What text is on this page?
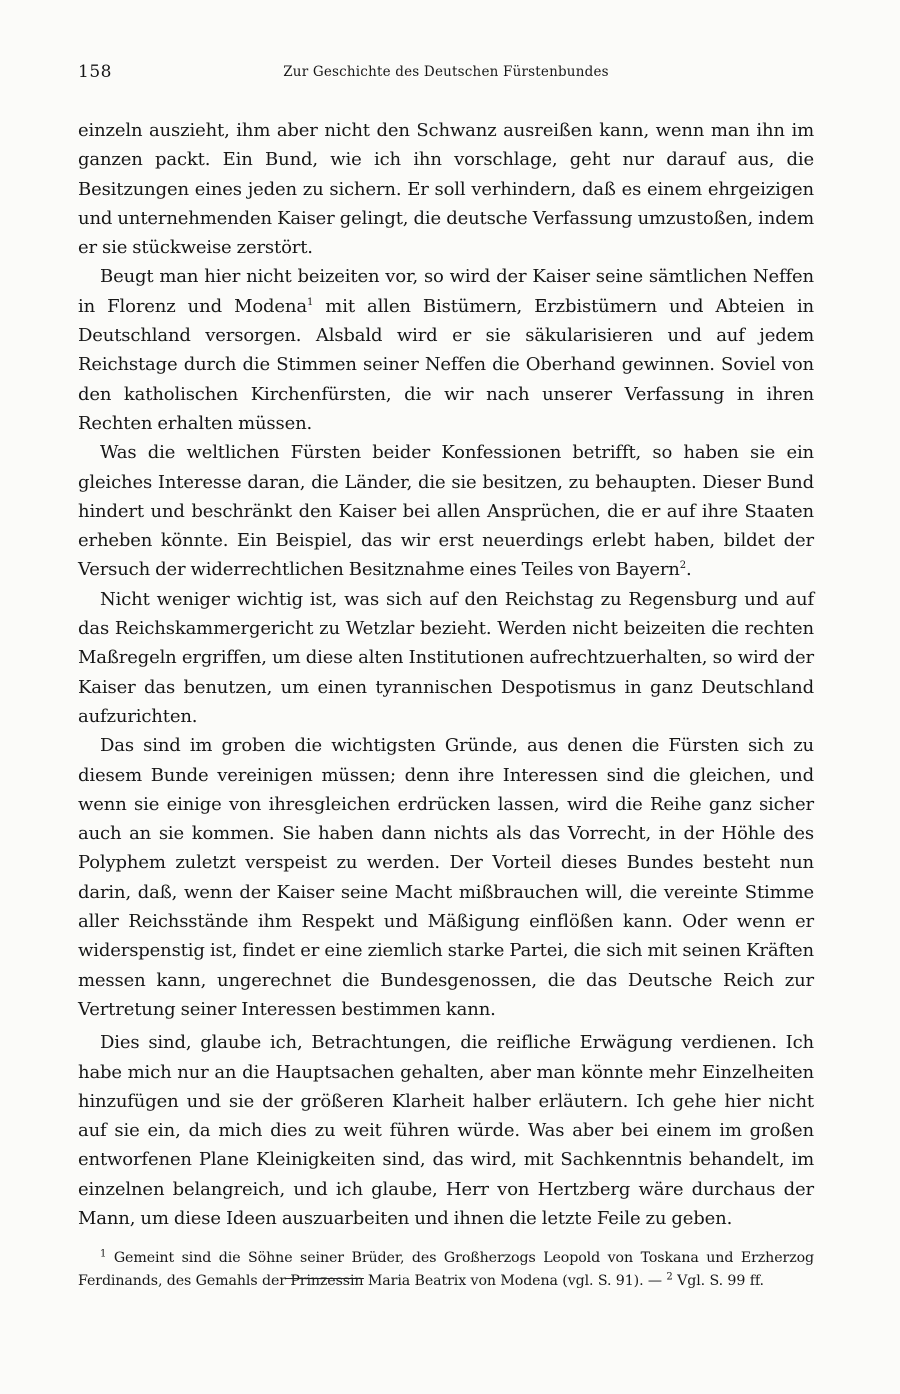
158	Zur Geschichte des Deutschen Fürstenbundes

einzeln auszieht, ihm aber nicht den Schwanz ausreißen kann, wenn man ihn im ganzen packt. Ein Bund, wie ich ihn vorschlage, geht nur darauf aus, die Besitzungen eines jeden zu sichern. Er soll verhindern, daß es einem ehrgeizigen und unternehmenden Kaiser gelingt, die deutsche Verfassung umzustoßen, indem er sie stückweise zerstört.

Beugt man hier nicht beizeiten vor, so wird der Kaiser seine sämtlichen Neffen in Florenz und Modena$^1$ mit allen Bistümern, Erzbistümern und Abteien in Deutschland versorgen. Alsbald wird er sie säkularisieren und auf jedem Reichstage durch die Stimmen seiner Neffen die Oberhand gewinnen. Soviel von den katholischen Kirchenfürsten, die wir nach unserer Verfassung in ihren Rechten erhalten müssen.

Was die weltlichen Fürsten beider Konfessionen betrifft, so haben sie ein gleiches Interesse daran, die Länder, die sie besitzen, zu behaupten. Dieser Bund hindert und beschränkt den Kaiser bei allen Ansprüchen, die er auf ihre Staaten erheben könnte. Ein Beispiel, das wir erst neuerdings erlebt haben, bildet der Versuch der widerrechtlichen Besitznahme eines Teiles von Bayern$^2$.

Nicht weniger wichtig ist, was sich auf den Reichstag zu Regensburg und auf das Reichskammergericht zu Wetzlar bezieht. Werden nicht beizeiten die rechten Maßregeln ergriffen, um diese alten Institutionen aufrechtzuerhalten, so wird der Kaiser das benutzen, um einen tyrannischen Despotismus in ganz Deutschland aufzurichten.

Das sind im groben die wichtigsten Gründe, aus denen die Fürsten sich zu diesem Bunde vereinigen müssen; denn ihre Interessen sind die gleichen, und wenn sie einige von ihresgleichen erdrücken lassen, wird die Reihe ganz sicher auch an sie kommen. Sie haben dann nichts als das Vorrecht, in der Höhle des Polyphem zuletzt verspeist zu werden. Der Vorteil dieses Bundes besteht nun darin, daß, wenn der Kaiser seine Macht mißbrauchen will, die vereinte Stimme aller Reichsstände ihm Respekt und Mäßigung einflößen kann. Oder wenn er widerspenstig ist, findet er eine ziemlich starke Partei, die sich mit seinen Kräften messen kann, ungerechnet die Bundesgenossen, die das Deutsche Reich zur Vertretung seiner Interessen bestimmen kann.

Dies sind, glaube ich, Betrachtungen, die reifliche Erwägung verdienen. Ich habe mich nur an die Hauptsachen gehalten, aber man könnte mehr Einzelheiten hinzufügen und sie der größeren Klarheit halber erläutern. Ich gehe hier nicht auf sie ein, da mich dies zu weit führen würde. Was aber bei einem im großen entworfenen Plane Kleinigkeiten sind, das wird, mit Sachkenntnis behandelt, im einzelnen belangreich, und ich glaube, Herr von Hertzberg wäre durchaus der Mann, um diese Ideen auszuarbeiten und ihnen die letzte Feile zu geben.

$^1$ Gemeint sind die Söhne seiner Brüder, des Großherzogs Leopold von Toskana und Erzherzog Ferdinands, des Gemahls der Prinzessin Maria Beatrix von Modena (vgl. S. 91). — $^2$ Vgl. S. 99 ff.
